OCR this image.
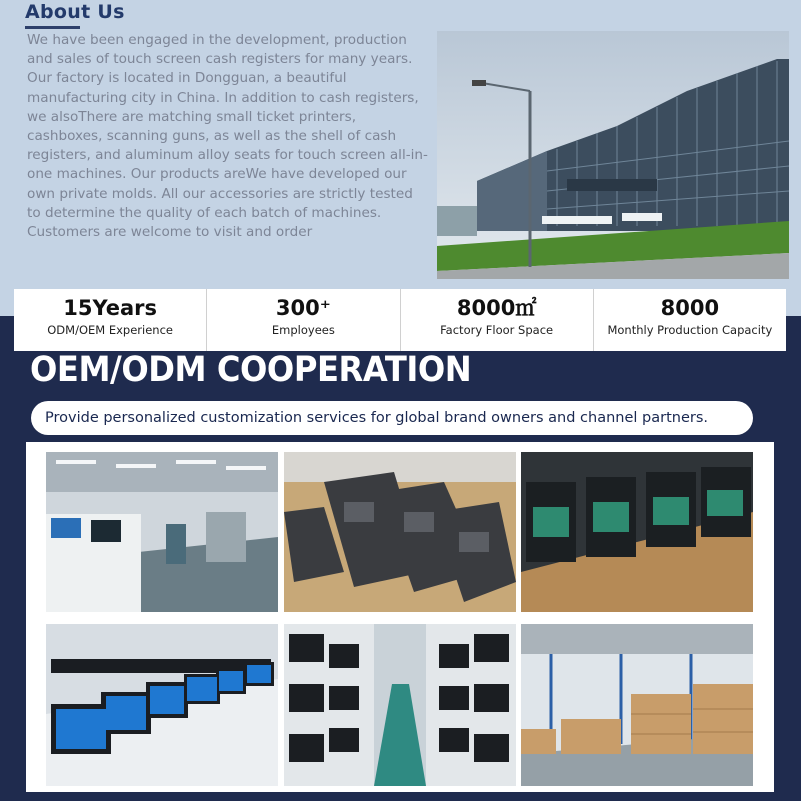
About Us

We have been engaged in the development, production and sales of touch screen cash registers for many years. Our factory is located in Dongguan, a beautiful manufacturing city in China. In addition to cash registers, we alsoThere are matching small ticket printers, cashboxes, scanning guns, as well as the shell of cash registers, and aluminum alloy seats for touch screen all-in-one machines. Our products areWe have developed our own private molds. All our accessories are strictly tested to determine the quality of each batch of machines. Customers are welcome to visit and order

15Years
ODM/OEM Experience
300⁺
Employees
8000㎡
Factory Floor Space
8000
Monthly Production Capacity
OEM/ODM COOPERATION
Provide personalized customization services for global brand owners and channel partners.
